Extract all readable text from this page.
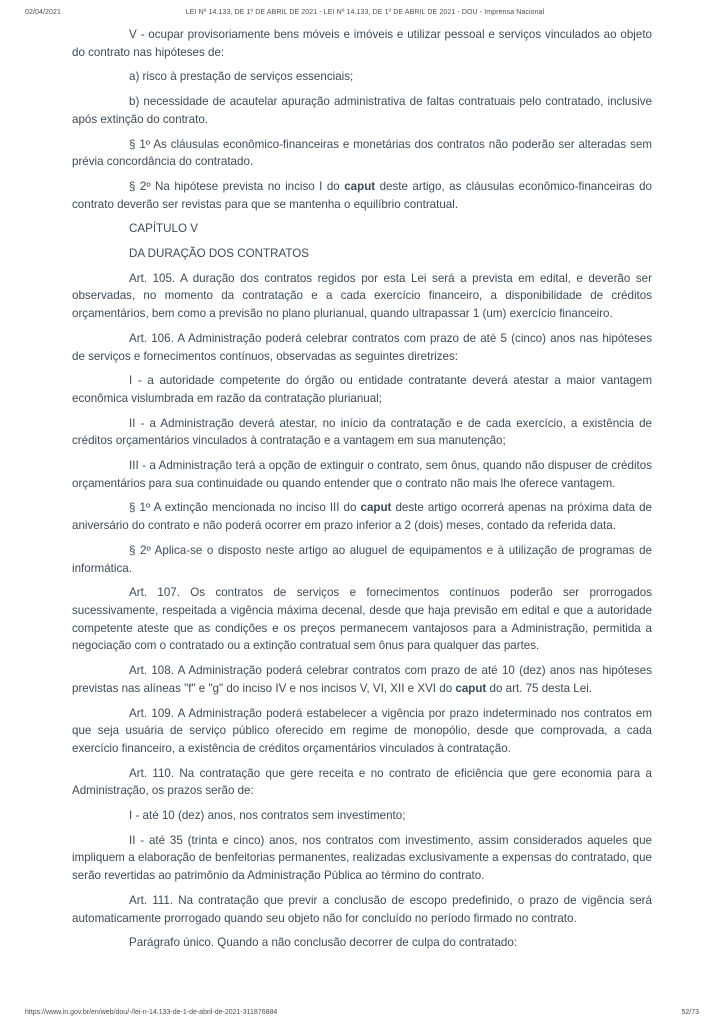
02/04/2021	LEI Nº 14.133, DE 1º DE ABRIL DE 2021 - LEI Nº 14.133, DE 1º DE ABRIL DE 2021 - DOU - Imprensa Nacional

V - ocupar provisoriamente bens móveis e imóveis e utilizar pessoal e serviços vinculados ao objeto do contrato nas hipóteses de:

a) risco à prestação de serviços essenciais;

b) necessidade de acautelar apuração administrativa de faltas contratuais pelo contratado, inclusive após extinção do contrato.

§ 1º As cláusulas econômico-financeiras e monetárias dos contratos não poderão ser alteradas sem prévia concordância do contratado.

§ 2º Na hipótese prevista no inciso I do caput deste artigo, as cláusulas econômico-financeiras do contrato deverão ser revistas para que se mantenha o equilíbrio contratual.

CAPÍTULO V

DA DURAÇÃO DOS CONTRATOS

Art. 105. A duração dos contratos regidos por esta Lei será a prevista em edital, e deverão ser observadas, no momento da contratação e a cada exercício financeiro, a disponibilidade de créditos orçamentários, bem como a previsão no plano plurianual, quando ultrapassar 1 (um) exercício financeiro.

Art. 106. A Administração poderá celebrar contratos com prazo de até 5 (cinco) anos nas hipóteses de serviços e fornecimentos contínuos, observadas as seguintes diretrizes:

I - a autoridade competente do órgão ou entidade contratante deverá atestar a maior vantagem econômica vislumbrada em razão da contratação plurianual;

II - a Administração deverá atestar, no início da contratação e de cada exercício, a existência de créditos orçamentários vinculados à contratação e a vantagem em sua manutenção;

III - a Administração terá a opção de extinguir o contrato, sem ônus, quando não dispuser de créditos orçamentários para sua continuidade ou quando entender que o contrato não mais lhe oferece vantagem.

§ 1º A extinção mencionada no inciso III do caput deste artigo ocorrerá apenas na próxima data de aniversário do contrato e não poderá ocorrer em prazo inferior a 2 (dois) meses, contado da referida data.

§ 2º Aplica-se o disposto neste artigo ao aluguel de equipamentos e à utilização de programas de informática.

Art. 107. Os contratos de serviços e fornecimentos contínuos poderão ser prorrogados sucessivamente, respeitada a vigência máxima decenal, desde que haja previsão em edital e que a autoridade competente ateste que as condições e os preços permanecem vantajosos para a Administração, permitida a negociação com o contratado ou a extinção contratual sem ônus para qualquer das partes.

Art. 108. A Administração poderá celebrar contratos com prazo de até 10 (dez) anos nas hipóteses previstas nas alíneas "f" e "g" do inciso IV e nos incisos V, VI, XII e XVI do caput do art. 75 desta Lei.

Art. 109. A Administração poderá estabelecer a vigência por prazo indeterminado nos contratos em que seja usuária de serviço público oferecido em regime de monopólio, desde que comprovada, a cada exercício financeiro, a existência de créditos orçamentários vinculados à contratação.

Art. 110. Na contratação que gere receita e no contrato de eficiência que gere economia para a Administração, os prazos serão de:

I - até 10 (dez) anos, nos contratos sem investimento;

II - até 35 (trinta e cinco) anos, nos contratos com investimento, assim considerados aqueles que impliquem a elaboração de benfeitorias permanentes, realizadas exclusivamente a expensas do contratado, que serão revertidas ao patrimônio da Administração Pública ao término do contrato.

Art. 111. Na contratação que previr a conclusão de escopo predefinido, o prazo de vigência será automaticamente prorrogado quando seu objeto não for concluído no período firmado no contrato.

Parágrafo único. Quando a não conclusão decorrer de culpa do contratado:

https://www.in.gov.br/en/web/dou/-/lei-n-14.133-de-1-de-abril-de-2021-311876884	52/73
